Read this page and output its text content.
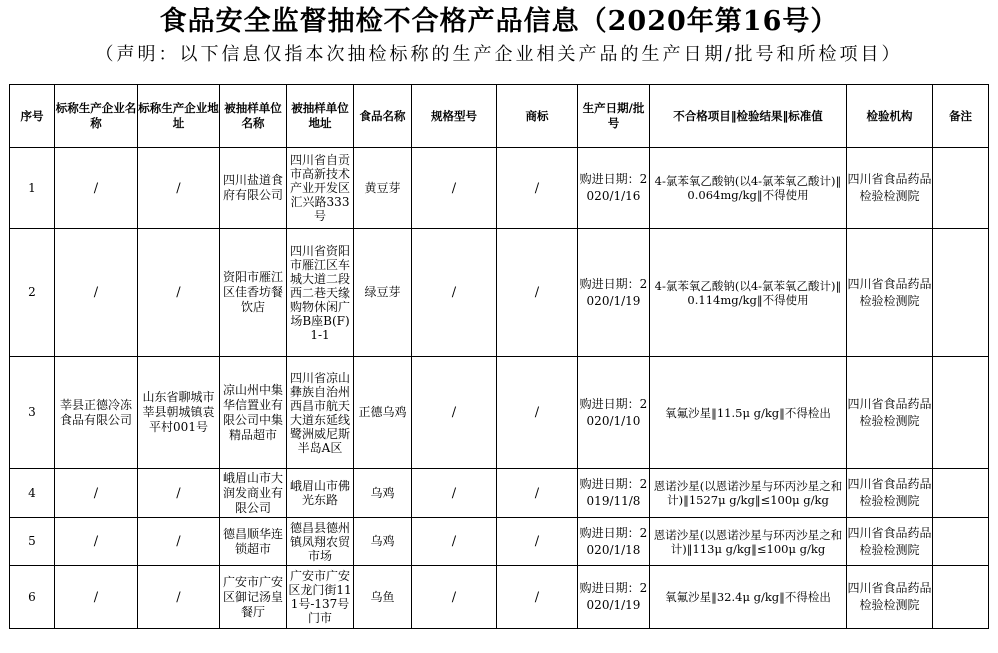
食品安全监督抽检不合格产品信息（2020年第16号）
（声明：以下信息仅指本次抽检标称的生产企业相关产品的生产日期/批号和所检项目）
序号	标称生产企业名称	标称生产企业地址	被抽样单位名称	被抽样单位地址	食品名称	规格型号	商标	生产日期/批号	不合格项目‖检验结果‖标准值	检验机构	备注
1	/	/	四川盐道食府有限公司	四川省自贡市高新技术产业开发区汇兴路333号	黄豆芽	/	/	购进日期：2020/1/16	4-氯苯氧乙酸钠(以4-氯苯氧乙酸计)‖0.064mg/kg‖不得使用	四川省食品药品检验检测院	
2	/	/	资阳市雁江区佳香坊餐饮店	四川省资阳市雁江区车城大道二段西二巷天缘购物休闲广场B座B(F)1-1	绿豆芽	/	/	购进日期：2020/1/19	4-氯苯氧乙酸钠(以4-氯苯氧乙酸计)‖0.114mg/kg‖不得使用	四川省食品药品检验检测院	
3	莘县正德冷冻食品有限公司	山东省聊城市莘县朝城镇袁平村001号	凉山州中集华信置业有限公司中集精品超市	四川省凉山彝族自治州西昌市航天大道东延线鹭洲威尼斯半岛A区	正德乌鸡	/	/	购进日期：2020/1/10	氧氟沙星‖11.5μ g/kg‖不得检出	四川省食品药品检验检测院	
4	/	/	峨眉山市大润发商业有限公司	峨眉山市佛光东路	乌鸡	/	/	购进日期：2019/11/8	恩诺沙星(以恩诺沙星与环丙沙星之和计)‖1527μ g/kg‖≤100μ g/kg	四川省食品药品检验检测院	
5	/	/	德昌顺华连锁超市	德昌县德州镇凤翔农贸市场	乌鸡	/	/	购进日期：2020/1/18	恩诺沙星(以恩诺沙星与环丙沙星之和计)‖113μ g/kg‖≤100μ g/kg	四川省食品药品检验检测院	
6	/	/	广安市广安区御记汤皇餐厅	广安市广安区龙门街111号-137号门市	乌鱼	/	/	购进日期：2020/1/19	氧氟沙星‖32.4μ g/kg‖不得检出	四川省食品药品检验检测院	
